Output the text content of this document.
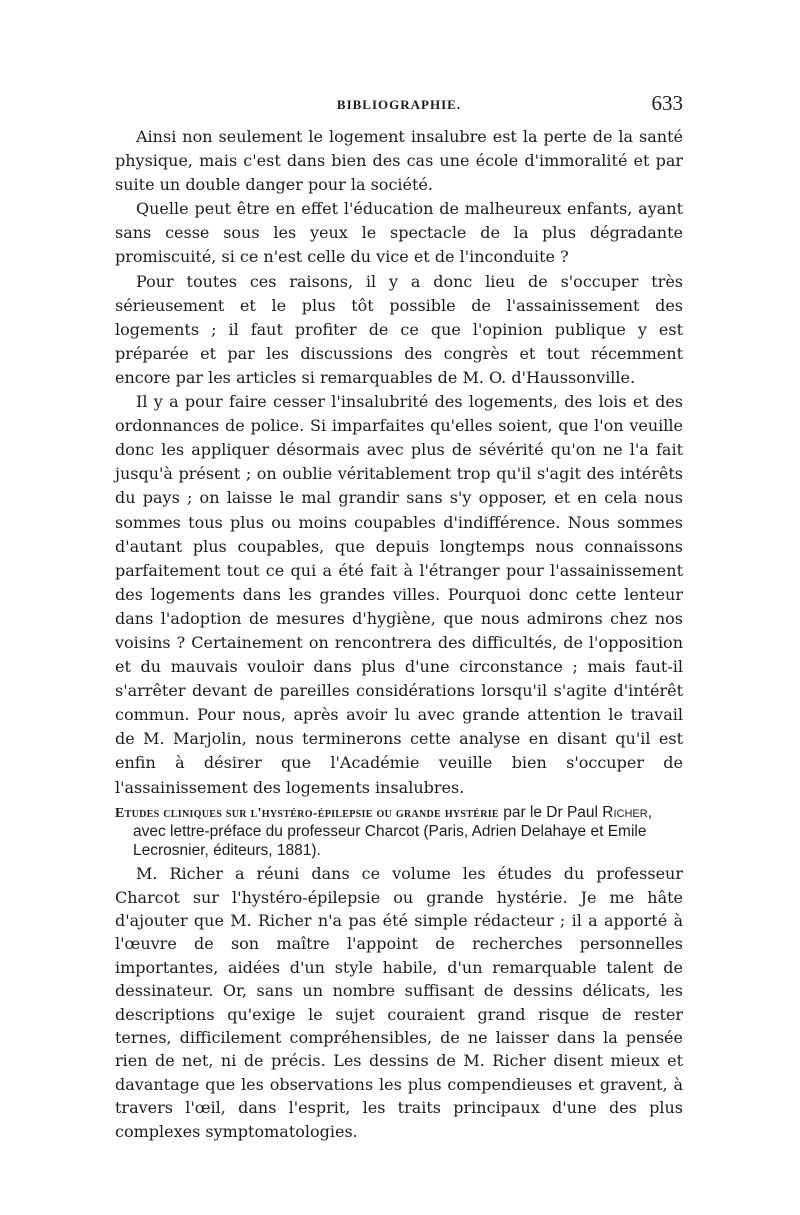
BIBLIOGRAPHIE.	633

Ainsi non seulement le logement insalubre est la perte de la santé physique, mais c'est dans bien des cas une école d'immoralité et par suite un double danger pour la société.

Quelle peut être en effet l'éducation de malheureux enfants, ayant sans cesse sous les yeux le spectacle de la plus dégradante promiscuité, si ce n'est celle du vice et de l'inconduite ?

Pour toutes ces raisons, il y a donc lieu de s'occuper très sérieusement et le plus tôt possible de l'assainissement des logements ; il faut profiter de ce que l'opinion publique y est préparée et par les discussions des congrès et tout récemment encore par les articles si remarquables de M. O. d'Haussonville.

Il y a pour faire cesser l'insalubrité des logements, des lois et des ordonnances de police. Si imparfaites qu'elles soient, que l'on veuille donc les appliquer désormais avec plus de sévérité qu'on ne l'a fait jusqu'à présent ; on oublie véritablement trop qu'il s'agit des intérêts du pays ; on laisse le mal grandir sans s'y opposer, et en cela nous sommes tous plus ou moins coupables d'indifférence. Nous sommes d'autant plus coupables, que depuis longtemps nous connaissons parfaitement tout ce qui a été fait à l'étranger pour l'assainissement des logements dans les grandes villes. Pourquoi donc cette lenteur dans l'adoption de mesures d'hygiène, que nous admirons chez nos voisins ? Certainement on rencontrera des difficultés, de l'opposition et du mauvais vouloir dans plus d'une circonstance ; mais faut-il s'arrêter devant de pareilles considérations lorsqu'il s'agite d'intérêt commun. Pour nous, après avoir lu avec grande attention le travail de M. Marjolin, nous terminerons cette analyse en disant qu'il est enfin à désirer que l'Académie veuille bien s'occuper de l'assainissement des logements insalubres.

Etudes cliniques sur l'hystéro-épilepsie ou grande hystérie par le Dr Paul Richer, avec lettre-préface du professeur Charcot (Paris, Adrien Delahaye et Emile Lecrosnier, éditeurs, 1881).

M. Richer a réuni dans ce volume les études du professeur Charcot sur l'hystéro-épilepsie ou grande hystérie. Je me hâte d'ajouter que M. Richer n'a pas été simple rédacteur ; il a apporté à l'œuvre de son maître l'appoint de recherches personnelles importantes, aidées d'un style habile, d'un remarquable talent de dessinateur. Or, sans un nombre suffisant de dessins délicats, les descriptions qu'exige le sujet couraient grand risque de rester ternes, difficilement compréhensibles, de ne laisser dans la pensée rien de net, ni de précis. Les dessins de M. Richer disent mieux et davantage que les observations les plus compendieuses et gravent, à travers l'œil, dans l'esprit, les traits principaux d'une des plus complexes symptomatologies.
